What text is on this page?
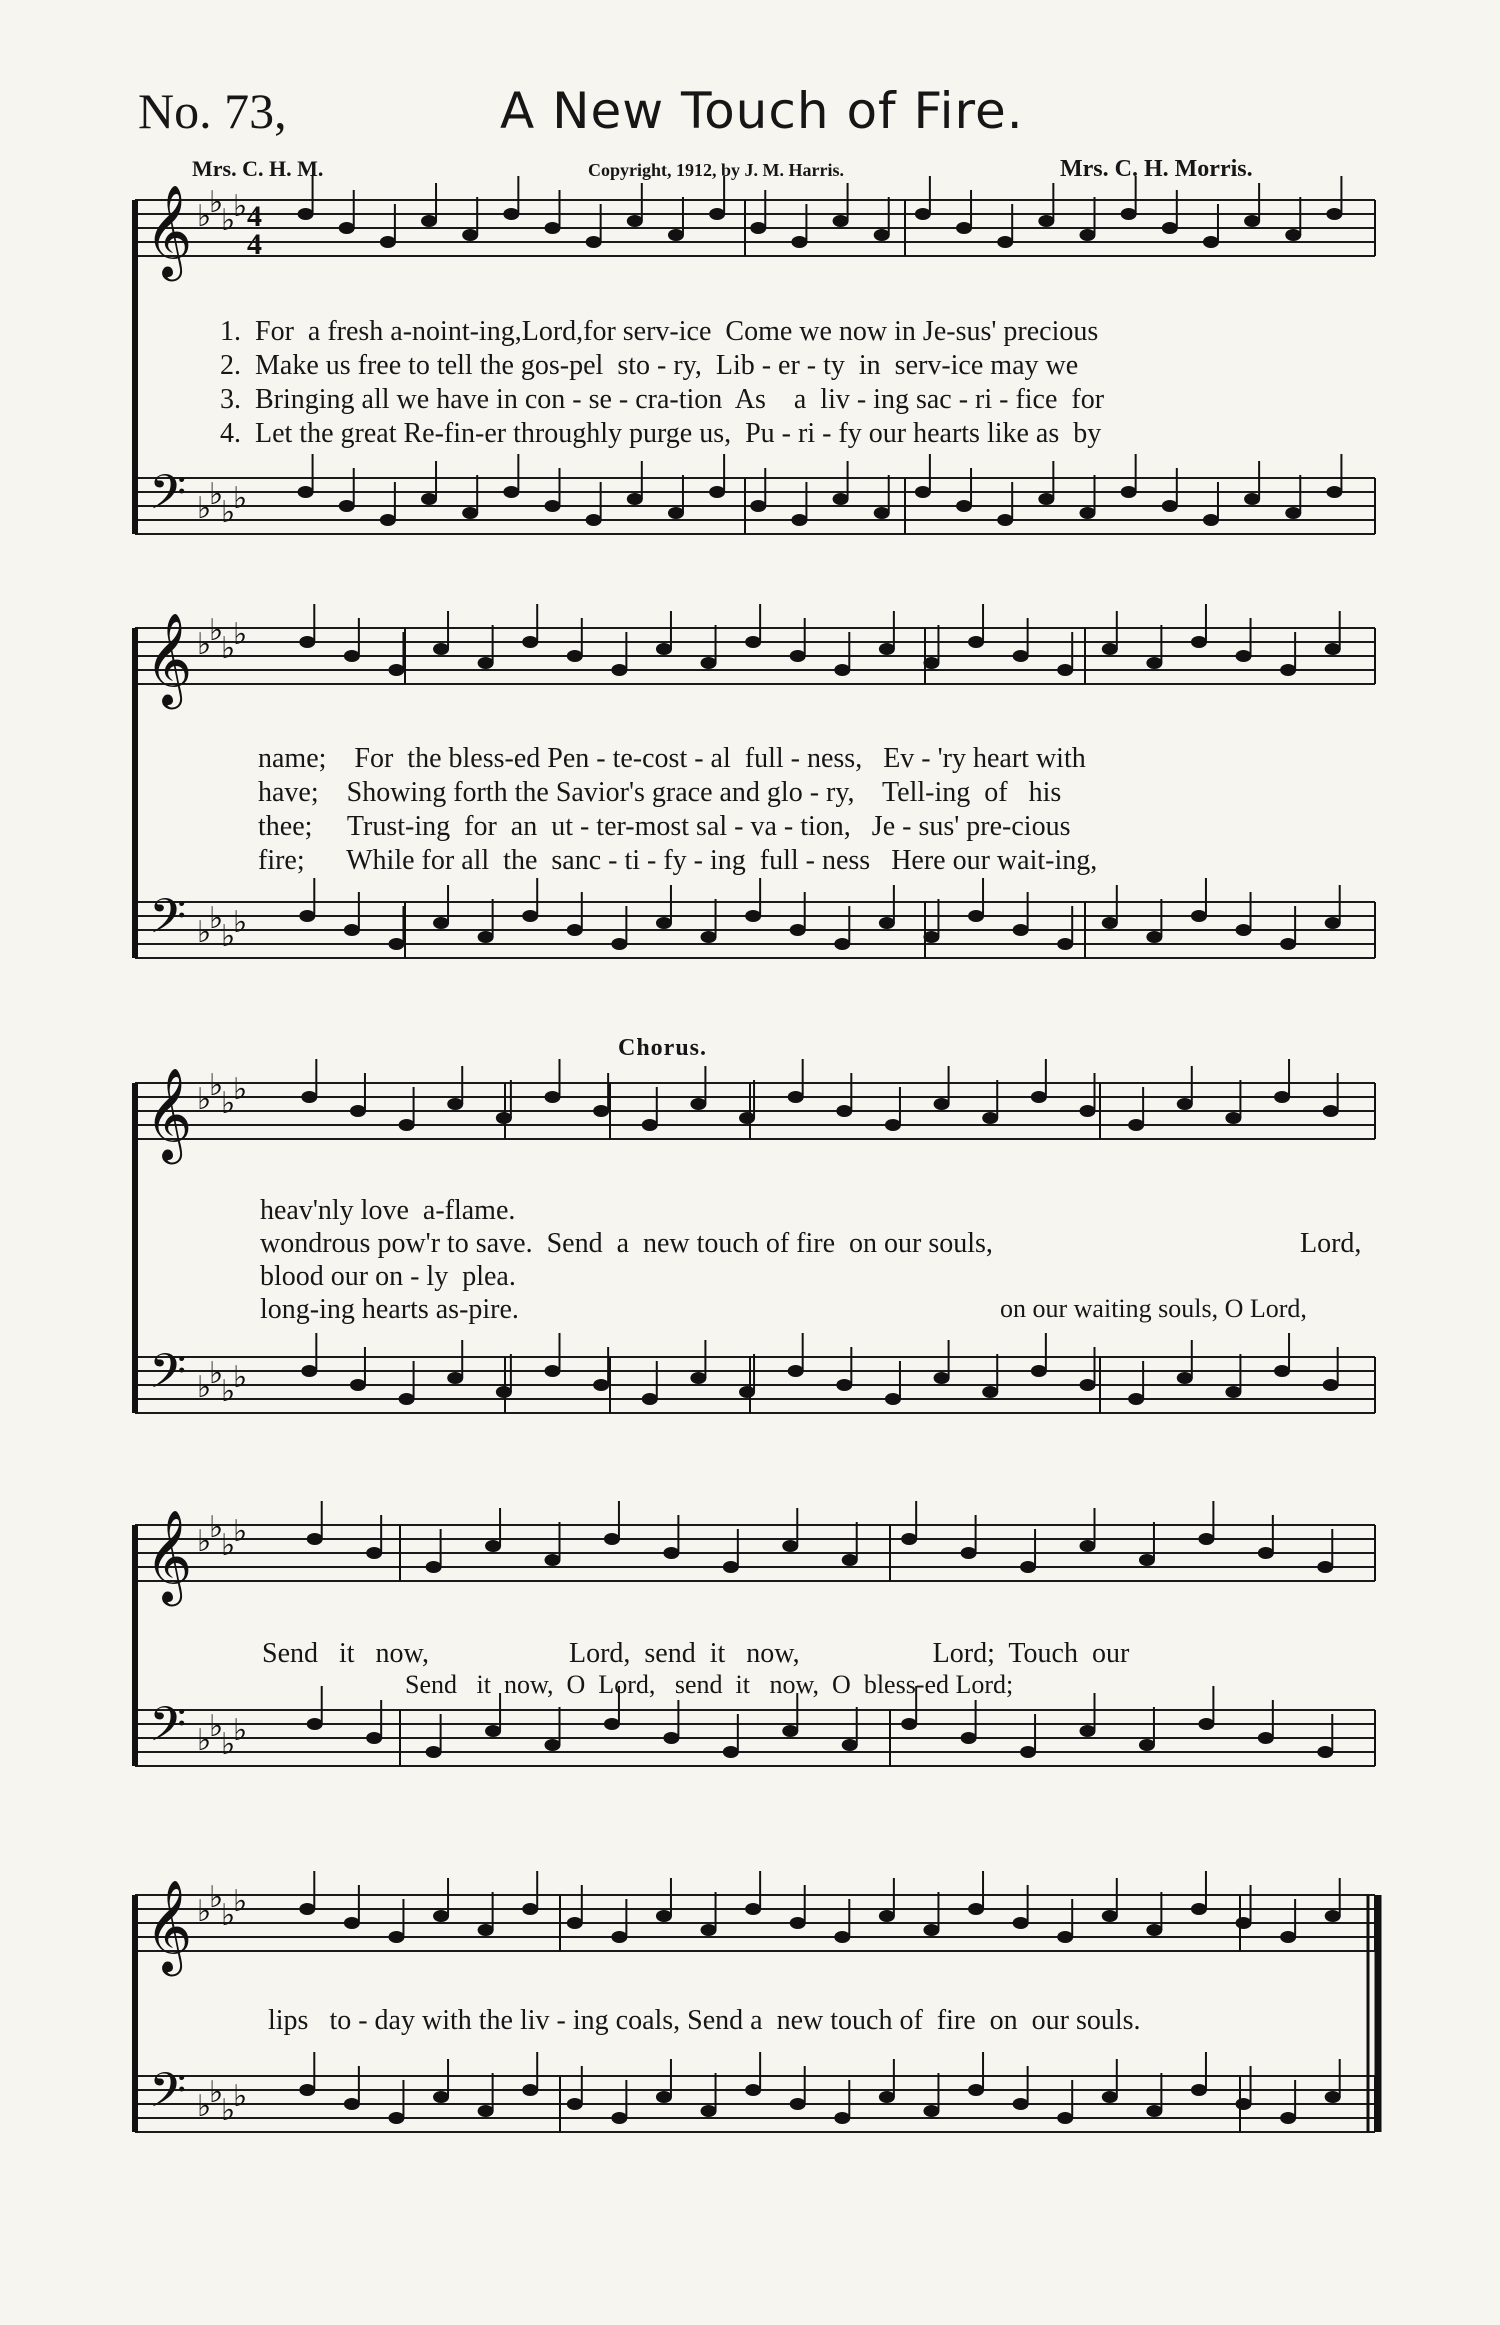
No. 73,	A New Touch of Fire.
Mrs. C. H. M.	Copyright, 1912, by J. M. Harris.	Mrs. C. H. Morris.
𝄞
𝄢
♭
♭
♭
♭
♭
♭
♭
♭
4
4
𝄞
𝄢
♭
♭
♭
♭
♭
♭
♭
♭
𝄞
𝄢
♭
♭
♭
♭
♭
♭
♭
♭
𝄞
𝄢
♭
♭
♭
♭
♭
♭
♭
♭
𝄞
𝄢
♭
♭
♭
♭
♭
♭
♭
♭
1.  For  a fresh a-noint-ing,Lord,for serv-ice  Come we now in Je-sus' precious
2.  Make us free to tell the gos-pel  sto - ry,  Lib - er - ty  in  serv-ice may we
3.  Bringing all we have in con - se - cra-tion  As    a  liv - ing sac - ri - fice  for
4.  Let the great Re-fin-er throughly purge us,  Pu - ri - fy our hearts like as  by
name;    For  the bless-ed Pen - te-cost - al  full - ness,   Ev - 'ry heart with
have;    Showing forth the Savior's grace and glo - ry,    Tell-ing  of   his
thee;     Trust-ing  for  an  ut - ter-most sal - va - tion,   Je - sus' pre-cious
fire;      While for all  the  sanc - ti - fy - ing  full - ness   Here our wait-ing,
Chorus.
heav'nly love  a-flame.
wondrous pow'r to save.  Send  a  new touch of fire  on our souls,
blood our on - ly  plea.
long-ing hearts as-pire.
Lord,
on our waiting souls, O Lord,
Send   it   now,                    Lord,  send  it   now,                   Lord;  Touch  our
Send   it  now,  O  Lord,   send  it   now,  O  bless-ed Lord;
lips   to - day with the liv - ing coals, Send a  new touch of  fire  on  our souls.
